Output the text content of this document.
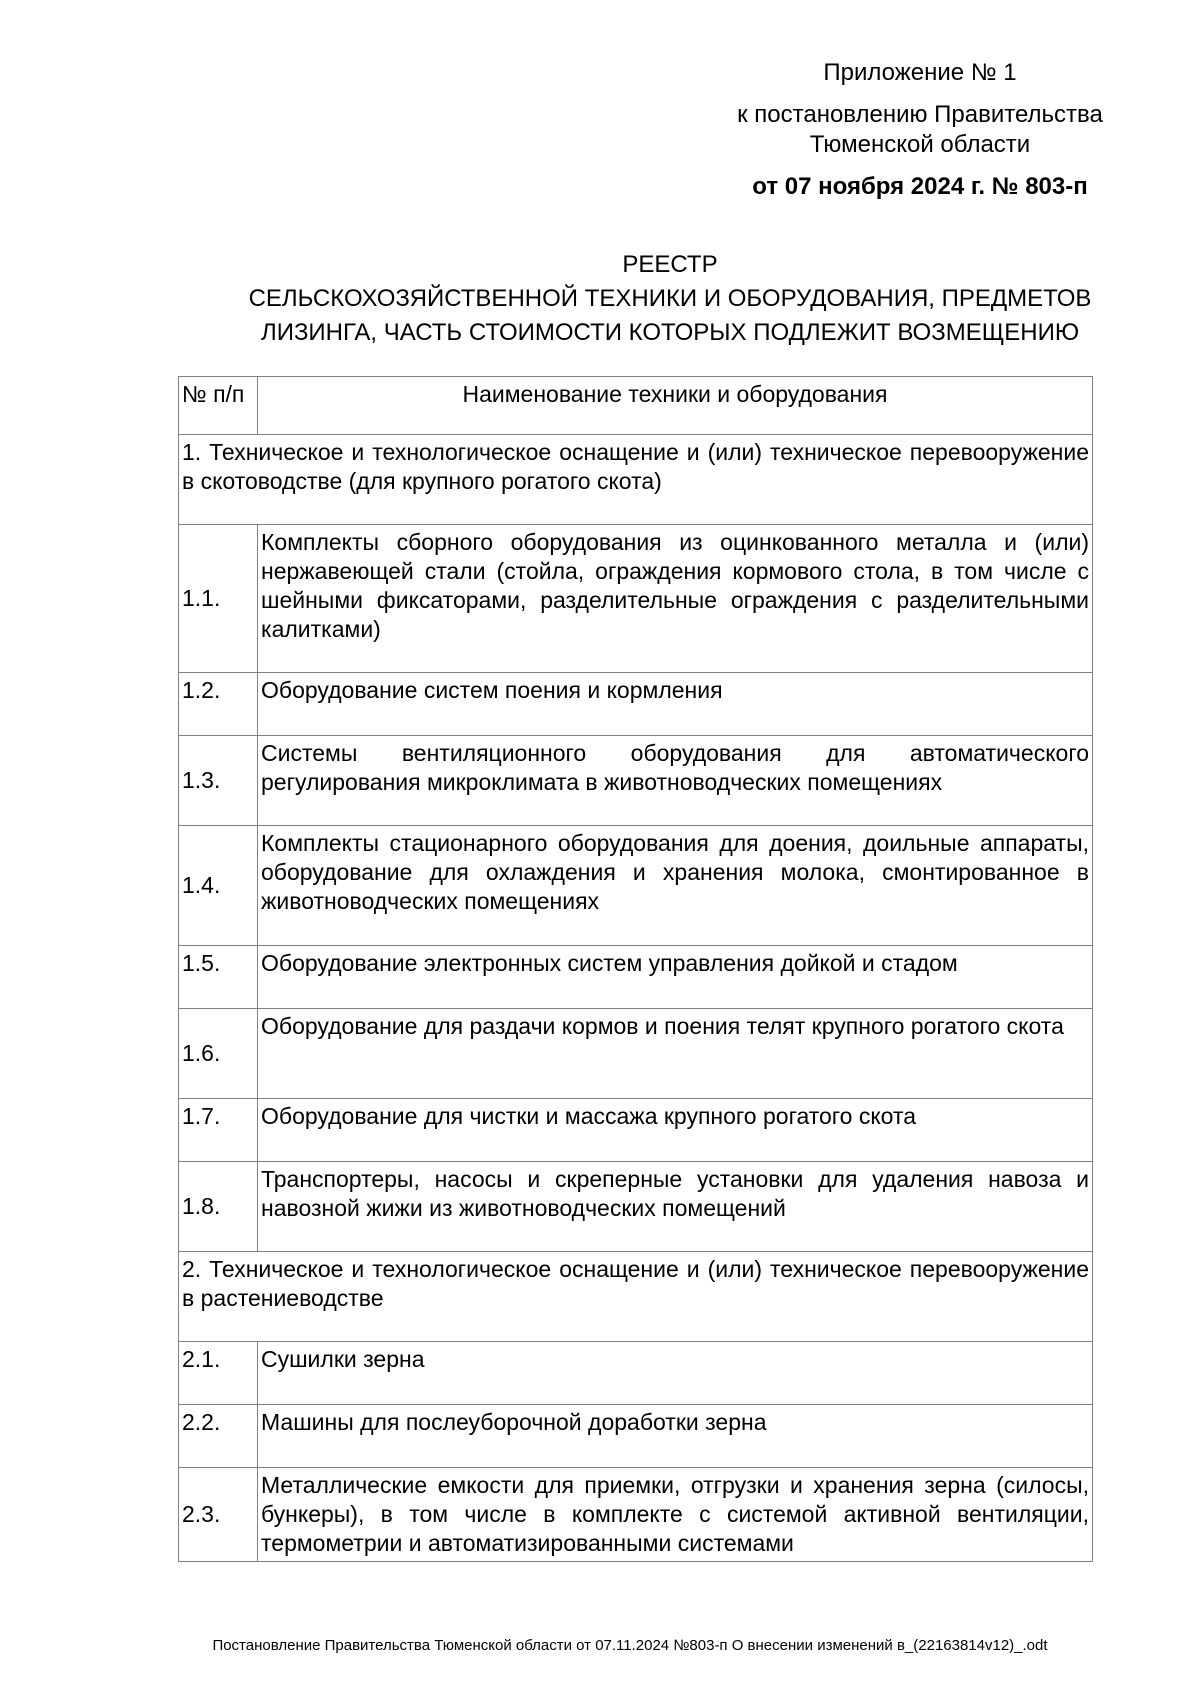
Приложение № 1
к постановлению Правительства
Тюменской области
от 07 ноября 2024 г. № 803-п
РЕЕСТР
СЕЛЬСКОХОЗЯЙСТВЕННОЙ ТЕХНИКИ И ОБОРУДОВАНИЯ, ПРЕДМЕТОВ
ЛИЗИНГА, ЧАСТЬ СТОИМОСТИ КОТОРЫХ ПОДЛЕЖИТ ВОЗМЕЩЕНИЮ
№ п/п	Наименование техники и оборудования
1. Техническое и технологическое оснащение и (или) техническое перевооружение в скотоводстве (для крупного рогатого скота)	
1.1.	Комплекты сборного оборудования из оцинкованного металла и (или) нержавеющей стали (стойла, ограждения кормового стола, в том числе с шейными фиксаторами, разделительные ограждения с разделительными калитками)
1.2.	Оборудование систем поения и кормления
1.3.	Системы вентиляционного оборудования для автоматического регулирования микроклимата в животноводческих помещениях
1.4.	Комплекты стационарного оборудования для доения, доильные аппараты, оборудование для охлаждения и хранения молока, смонтированное в животноводческих помещениях
1.5.	Оборудование электронных систем управления дойкой и стадом
1.6.	Оборудование для раздачи кормов и поения телят крупного рогатого скота
1.7.	Оборудование для чистки и массажа крупного рогатого скота
1.8.	Транспортеры, насосы и скреперные установки для удаления навоза и навозной жижи из животноводческих помещений
2. Техническое и технологическое оснащение и (или) техническое перевооружение в растениеводстве	
2.1.	Сушилки зерна
2.2.	Машины для послеуборочной доработки зерна
2.3.	Металлические емкости для приемки, отгрузки и хранения зерна (силосы, бункеры), в том числе в комплекте с системой активной вентиляции, термометрии и автоматизированными системами
Постановление Правительства Тюменской области от 07.11.2024 №803-п О внесении изменений в_(22163814v12)_.odt
